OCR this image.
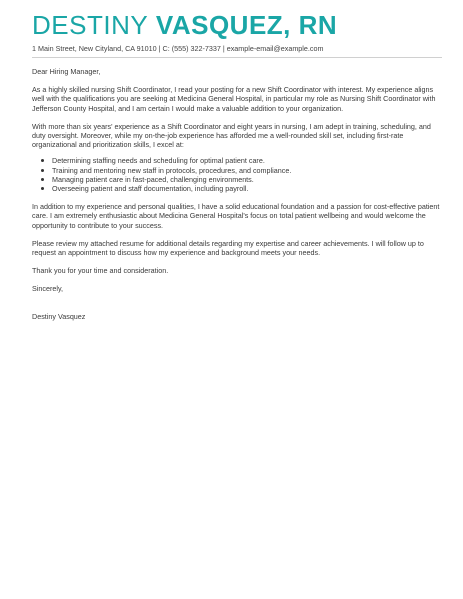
DESTINY VASQUEZ, RN
1 Main Street, New Cityland, CA 91010 | C: (555) 322-7337 | example-email@example.com

Dear Hiring Manager,

As a highly skilled nursing Shift Coordinator, I read your posting for a new Shift Coordinator with interest. My experience aligns well with the qualifications you are seeking at Medicina General Hospital, in particular my role as Nursing Shift Coordinator with Jefferson County Hospital, and I am certain I would make a valuable addition to your organization.

With more than six years' experience as a Shift Coordinator and eight years in nursing, I am adept in training, scheduling, and duty oversight. Moreover, while my on-the-job experience has afforded me a well-rounded skill set, including first-rate organizational and prioritization skills, I excel at:

Determining staffing needs and scheduling for optimal patient care.
Training and mentoring new staff in protocols, procedures, and compliance.
Managing patient care in fast-paced, challenging environments.
Overseeing patient and staff documentation, including payroll.

In addition to my experience and personal qualities, I have a solid educational foundation and a passion for cost-effective patient care. I am extremely enthusiastic about Medicina General Hospital's focus on total patient wellbeing and would welcome the opportunity to contribute to your success.

Please review my attached resume for additional details regarding my expertise and career achievements. I will follow up to request an appointment to discuss how my experience and background meets your needs.

Thank you for your time and consideration.

Sincerely,

Destiny Vasquez
